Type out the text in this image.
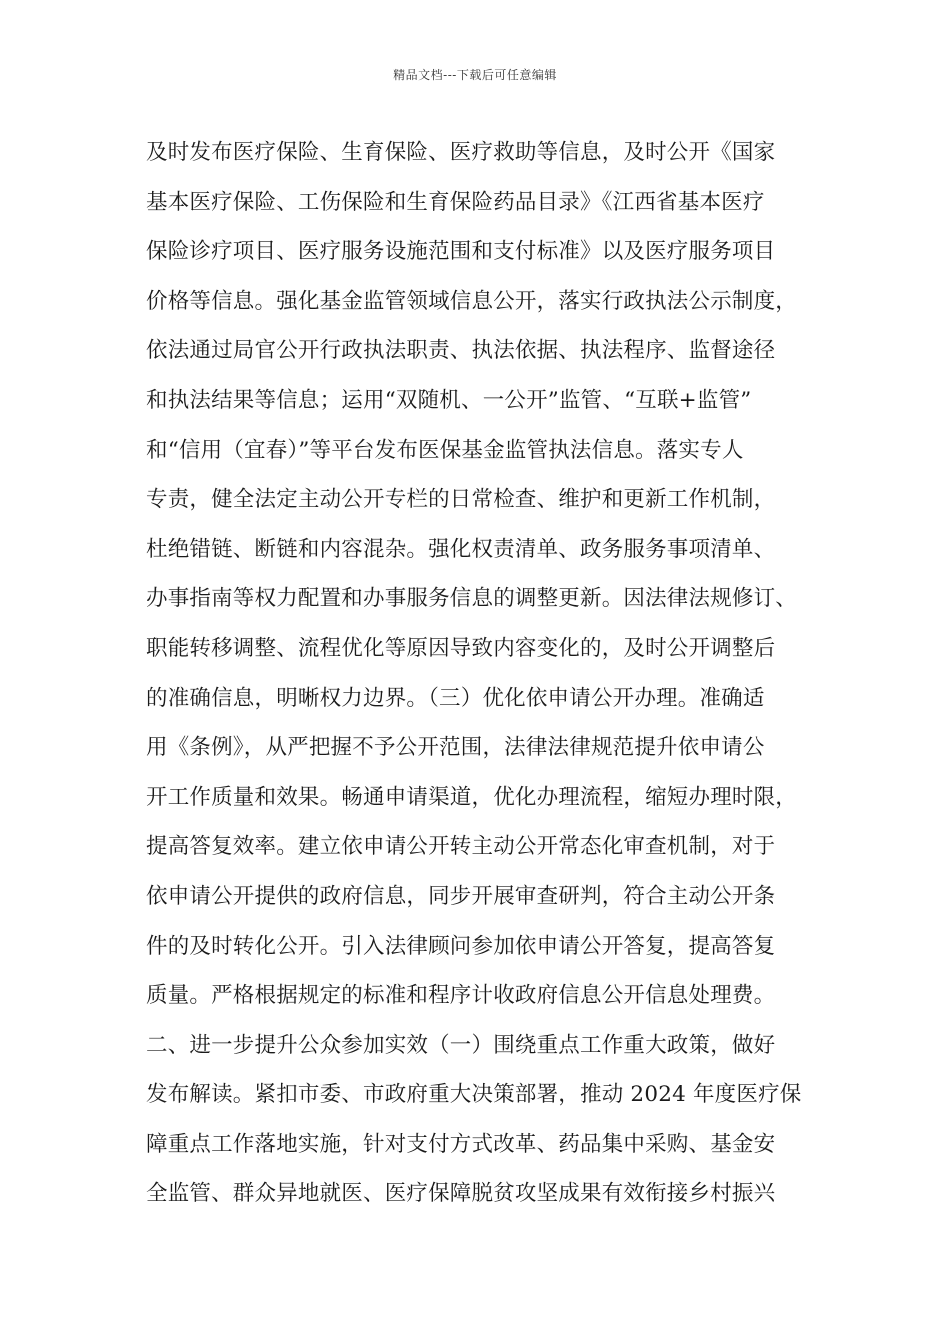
精品文档---下载后可任意编辑
及时发布医疗保险、生育保险、医疗救助等信息，及时公开《国家
基本医疗保险、工伤保险和生育保险药品目录》《江西省基本医疗
保险诊疗项目、医疗服务设施范围和支付标准》以及医疗服务项目
价格等信息。强化基金监管领域信息公开，落实行政执法公示制度，
依法通过局官公开行政执法职责、执法依据、执法程序、监督途径
和执法结果等信息；运用“双随机、一公开”监管、“互联+监管”
和“信用（宜春）”等平台发布医保基金监管执法信息。落实专人
专责，健全法定主动公开专栏的日常检查、维护和更新工作机制，
杜绝错链、断链和内容混杂。强化权责清单、政务服务事项清单、
办事指南等权力配置和办事服务信息的调整更新。因法律法规修订、
职能转移调整、流程优化等原因导致内容变化的，及时公开调整后
的准确信息，明晰权力边界。（三）优化依申请公开办理。准确适
用《条例》，从严把握不予公开范围，法律法律规范提升依申请公
开工作质量和效果。畅通申请渠道，优化办理流程，缩短办理时限，
提高答复效率。建立依申请公开转主动公开常态化审查机制，对于
依申请公开提供的政府信息，同步开展审查研判，符合主动公开条
件的及时转化公开。引入法律顾问参加依申请公开答复，提高答复
质量。严格根据规定的标准和程序计收政府信息公开信息处理费。
二、进一步提升公众参加实效（一）围绕重点工作重大政策，做好
发布解读。紧扣市委、市政府重大决策部署，推动 2024 年度医疗保
障重点工作落地实施，针对支付方式改革、药品集中采购、基金安
全监管、群众异地就医、医疗保障脱贫攻坚成果有效衔接乡村振兴
